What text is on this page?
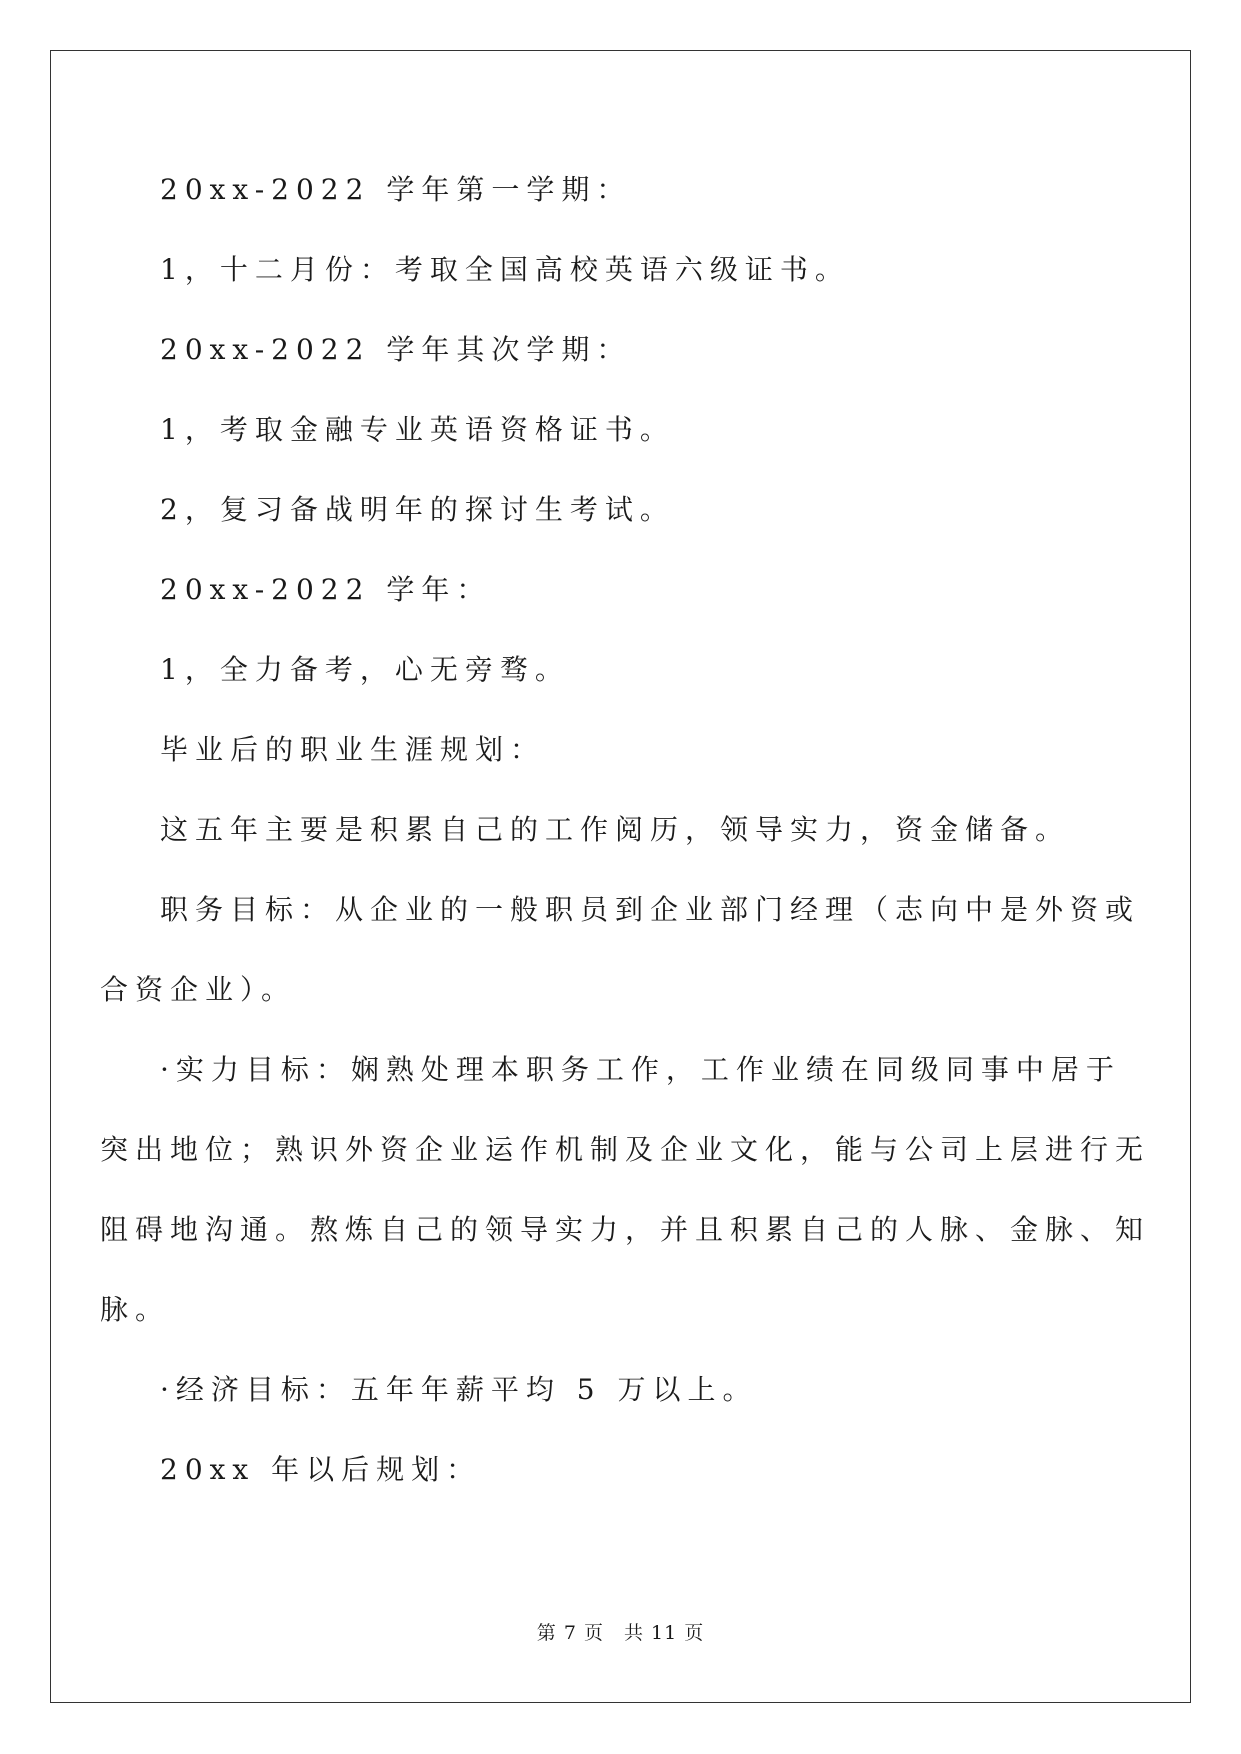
20xx-2022 学年第一学期：

1，十二月份：考取全国高校英语六级证书。

20xx-2022 学年其次学期：

1，考取金融专业英语资格证书。

2，复习备战明年的探讨生考试。

20xx-2022 学年：

1，全力备考，心无旁骛。

毕业后的职业生涯规划：

这五年主要是积累自己的工作阅历，领导实力，资金储备。

职务目标：从企业的一般职员到企业部门经理（志向中是外资或

合资企业）。

·实力目标：娴熟处理本职务工作，工作业绩在同级同事中居于

突出地位；熟识外资企业运作机制及企业文化，能与公司上层进行无

阻碍地沟通。熬炼自己的领导实力，并且积累自己的人脉、金脉、知

脉。

·经济目标：五年年薪平均 5 万以上。

20xx 年以后规划：

第 7 页　共 11 页
